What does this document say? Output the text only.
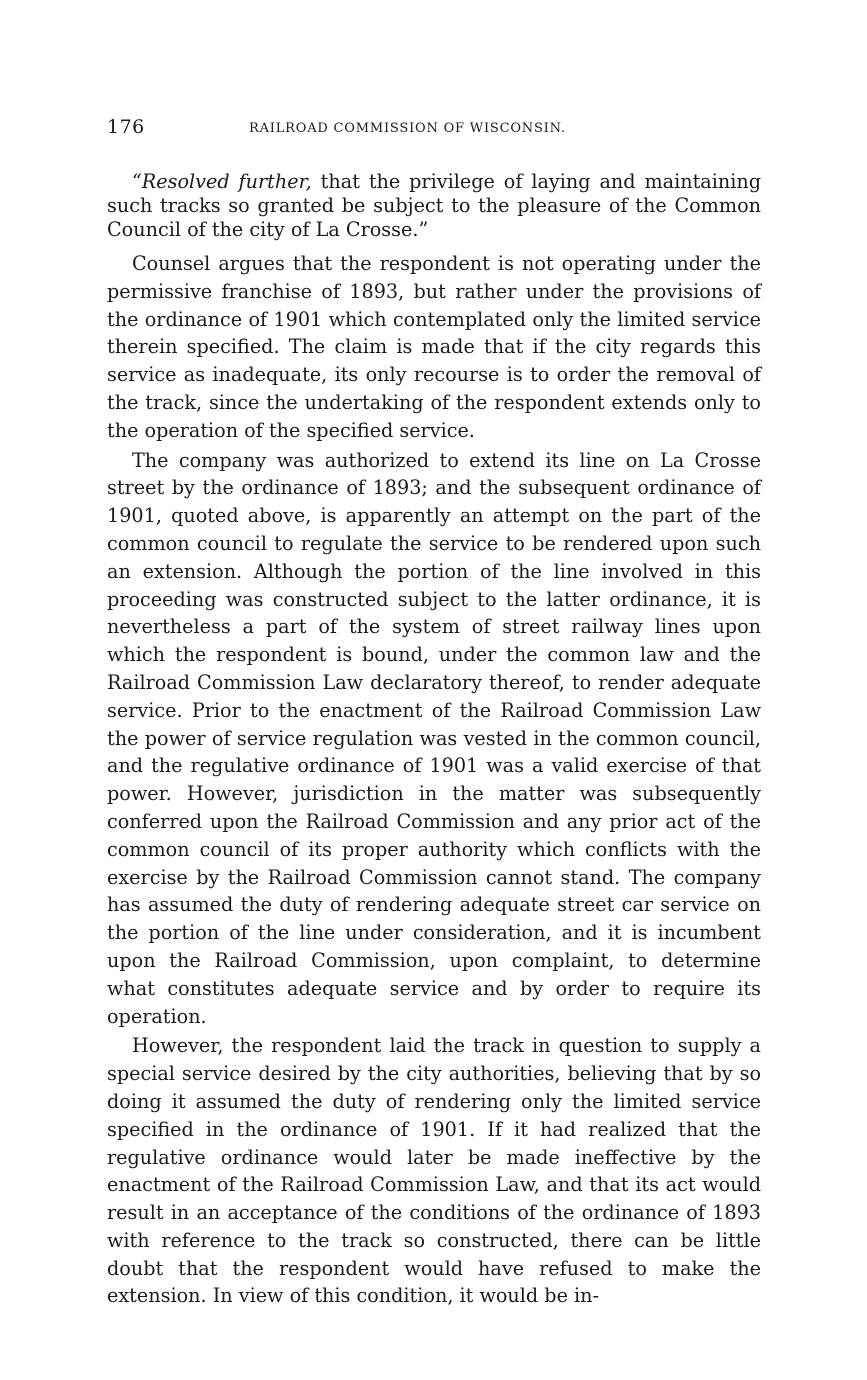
176	RAILROAD COMMISSION OF WISCONSIN.

“Resolved further, that the privilege of laying and maintaining such tracks so granted be subject to the pleasure of the Common Council of the city of La Crosse.”

Counsel argues that the respondent is not operating under the permissive franchise of 1893, but rather under the provisions of the ordinance of 1901 which contemplated only the limited service therein specified. The claim is made that if the city regards this service as inadequate, its only recourse is to order the removal of the track, since the undertaking of the respondent extends only to the operation of the specified service.

The company was authorized to extend its line on La Crosse street by the ordinance of 1893; and the subsequent ordinance of 1901, quoted above, is apparently an attempt on the part of the common council to regulate the service to be rendered upon such an extension. Although the portion of the line involved in this proceeding was constructed subject to the latter ordinance, it is nevertheless a part of the system of street railway lines upon which the respondent is bound, under the common law and the Railroad Commission Law declaratory thereof, to render adequate service. Prior to the enactment of the Railroad Commission Law the power of service regulation was vested in the common council, and the regulative ordinance of 1901 was a valid exercise of that power. However, jurisdiction in the matter was subsequently conferred upon the Railroad Commission and any prior act of the common council of its proper authority which conflicts with the exercise by the Railroad Commission cannot stand. The company has assumed the duty of rendering adequate street car service on the portion of the line under consideration, and it is incumbent upon the Railroad Commission, upon complaint, to determine what constitutes adequate service and by order to require its operation.

However, the respondent laid the track in question to supply a special service desired by the city authorities, believing that by so doing it assumed the duty of rendering only the limited service specified in the ordinance of 1901. If it had realized that the regulative ordinance would later be made ineffective by the enactment of the Railroad Commission Law, and that its act would result in an acceptance of the conditions of the ordinance of 1893 with reference to the track so constructed, there can be little doubt that the respondent would have refused to make the extension. In view of this condition, it would be in-
